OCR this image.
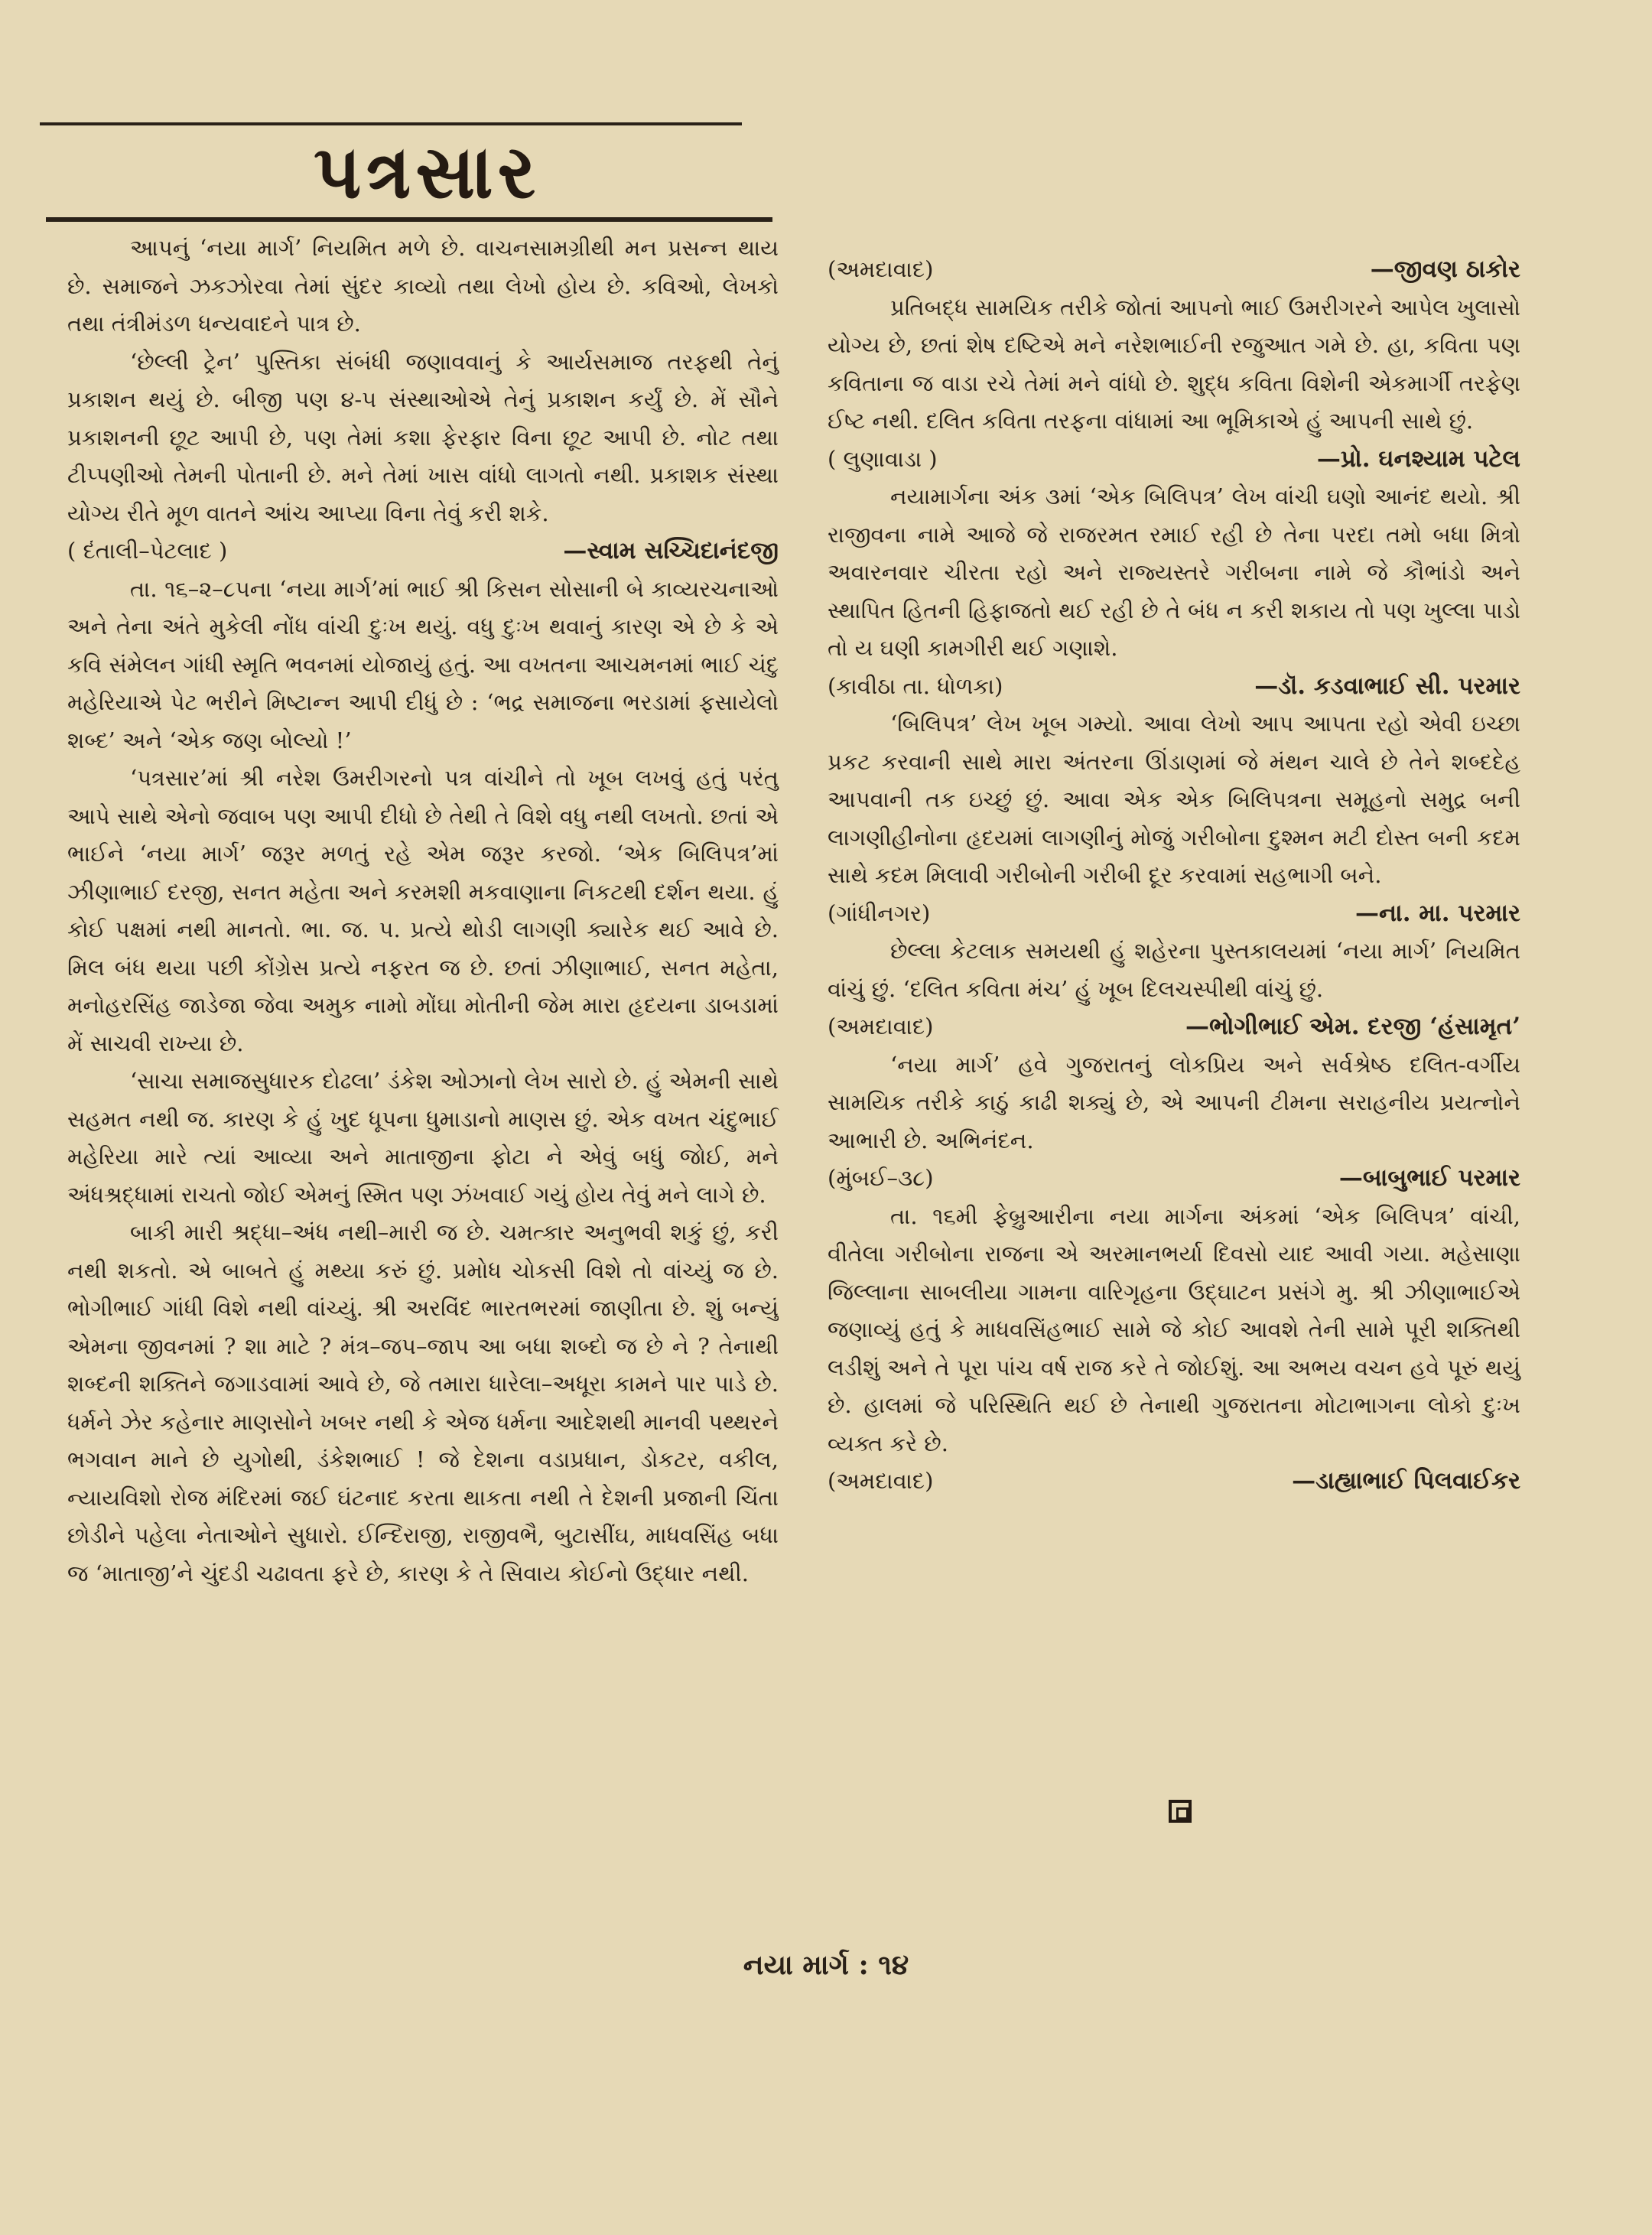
પત્રસાર

આપનું ‘નયા માર્ગ’ નિયમિત મળે છે. વાચનસામગ્રીથી મન પ્રસન્ન થાય છે. સમાજને ઝકઝોરવા તેમાં સુંદર કાવ્યો તથા લેખો હોય છે. કવિઓ, લેખકો તથા તંત્રીમંડળ ધન્યવાદને પાત્ર છે.

‘છેલ્લી ટ્રેન’ પુસ્તિકા સંબંધી જણાવવાનું કે આર્યસમાજ તરફથી તેનું પ્રકાશન થયું છે. બીજી પણ ૪-૫ સંસ્થાઓએ તેનું પ્રકાશન કર્યું છે. મેં સૌને પ્રકાશનની છૂટ આપી છે, પણ તેમાં કશા ફેરફાર વિના છૂટ આપી છે. નોટ તથા ટીપ્પણીઓ તેમની પોતાની છે. મને તેમાં ખાસ વાંધો લાગતો નથી. પ્રકાશક સંસ્થા યોગ્ય રીતે મૂળ વાતને આંચ આપ્યા વિના તેવું કરી શકે.

( દંતાલી–પેટલાદ )	—સ્વામ સચ્ચિદાનંદજી

તા. ૧૬–૨–૮૫ના ‘નયા માર્ગ’માં ભાઈ શ્રી કિસન સોસાની બે કાવ્યરચનાઓ અને તેના અંતે મુકેલી નોંધ વાંચી દુઃખ થયું. વધુ દુઃખ થવાનું કારણ એ છે કે એ કવિ સંમેલન ગાંધી સ્મૃતિ ભવનમાં યોજાયું હતું. આ વખતના આચમનમાં ભાઈ ચંદુ મહેરિયાએ પેટ ભરીને મિષ્ટાન્ન આપી દીધું છે : ‘ભદ્ર સમાજના ભરડામાં ફસાયેલો શબ્દ’ અને ‘એક જણ બોલ્યો !’

‘પત્રસાર’માં શ્રી નરેશ ઉમરીગરનો પત્ર વાંચીને તો ખૂબ લખવું હતું પરંતુ આપે સાથે એનો જવાબ પણ આપી દીધો છે તેથી તે વિશે વધુ નથી લખતો. છતાં એ ભાઈને ‘નયા માર્ગ’ જરૂર મળતું રહે એમ જરૂર કરજો. ‘એક બિલિપત્ર’માં ઝીણાભાઈ દરજી, સનત મહેતા અને કરમશી મકવાણાના નિકટથી દર્શન થયા. હું કોઈ પક્ષમાં નથી માનતો. ભા. જ. પ. પ્રત્યે થોડી લાગણી ક્યારેક થઈ આવે છે. મિલ બંધ થયા પછી કોંગ્રેસ પ્રત્યે નફરત જ છે. છતાં ઝીણાભાઈ, સનત મહેતા, મનોહરસિંહ જાડેજા જેવા અમુક નામો મોંઘા મોતીની જેમ મારા હૃદયના ડાબડામાં મેં સાચવી રાખ્યા છે.

‘સાચા સમાજસુધારક દોઢલા’ ડંકેશ ઓઝાનો લેખ સારો છે. હું એમની સાથે સહમત નથી જ. કારણ કે હું ખુદ ધૂપના ધુમાડાનો માણસ છું. એક વખત ચંદુભાઈ મહેરિયા મારે ત્યાં આવ્યા અને માતાજીના ફોટા ને એવું બધું જોઈ, મને અંધશ્રદ્ધામાં રાચતો જોઈ એમનું સ્મિત પણ ઝંખવાઈ ગયું હોય તેવું મને લાગે છે.

બાકી મારી શ્રદ્ધા–અંધ નથી–મારી જ છે. ચમત્કાર અનુભવી શકું છું, કરી નથી શકતો. એ બાબતે હું મથ્યા કરું છું. પ્રમોધ ચોકસી વિશે તો વાંચ્યું જ છે. ભોગીભાઈ ગાંધી વિશે નથી વાંચ્યું. શ્રી અરવિંદ ભારતભરમાં જાણીતા છે. શું બન્યું એમના જીવનમાં ? શા માટે ? મંત્ર–જપ–જાપ આ બધા શબ્દો જ છે ને ? તેનાથી શબ્દની શક્તિને જગાડવામાં આવે છે, જે તમારા ધારેલા–અધૂરા કામને પાર પાડે છે. ધર્મને ઝેર કહેનાર માણસોને ખબર નથી કે એજ ધર્મના આદેશથી માનવી પથ્થરને ભગવાન માને છે યુગોથી, ડંકેશભાઈ ! જે દેશના વડાપ્રધાન, ડોકટર, વકીલ, ન્યાયવિશો રોજ મંદિરમાં જઈ ઘંટનાદ કરતા થાકતા નથી તે દેશની પ્રજાની ચિંતા છોડીને પહેલા નેતાઓને સુધારો. ઈન્દિરાજી, રાજીવભૈ, બુટાસીંઘ, માધવસિંહ બધા જ ‘માતાજી’ને ચુંદડી ચઢાવતા ફરે છે, કારણ કે તે સિવાય કોઈનો ઉદ્ધાર નથી.

(અમદાવાદ)	—જીવણ ઠાકોર

પ્રતિબદ્ધ સામયિક તરીકે જોતાં આપનો ભાઈ ઉમરીગરને આપેલ ખુલાસો યોગ્ય છે, છતાં શેષ દષ્ટિએ મને નરેશભાઈની રજુઆત ગમે છે. હા, કવિતા પણ કવિતાના જ વાડા રચે તેમાં મને વાંધો છે. શુદ્ધ કવિતા વિશેની એકમાર્ગી તરફેણ ઈષ્ટ નથી. દલિત કવિતા તરફના વાંધામાં આ ભૂમિકાએ હું આપની સાથે છું.

( લુણાવાડા )	—પ્રો. ઘનશ્યામ પટેલ

નયામાર્ગના અંક ૩માં ‘એક બિલિપત્ર’ લેખ વાંચી ઘણો આનંદ થયો. શ્રી રાજીવના નામે આજે જે રાજરમત રમાઈ રહી છે તેના પરદા તમો બધા મિત્રો અવારનવાર ચીરતા રહો અને રાજ્યસ્તરે ગરીબના નામે જે કૌભાંડો અને સ્થાપિત હિતની હિફાજતો થઈ રહી છે તે બંધ ન કરી શકાય તો પણ ખુલ્લા પાડો તો ય ઘણી કામગીરી થઈ ગણાશે.

(કાવીઠા તા. ધોળકા)	—ડૉ. કડવાભાઈ સી. પરમાર

‘બિલિપત્ર’ લેખ ખૂબ ગમ્યો. આવા લેખો આપ આપતા રહો એવી ઇચ્છા પ્રકટ કરવાની સાથે મારા અંતરના ઊંડાણમાં જે મંથન ચાલે છે તેને શબ્દદેહ આપવાની તક ઇચ્છું છું. આવા એક એક બિલિપત્રના સમૂહનો સમુદ્ર બની લાગણીહીનોના હૃદયમાં લાગણીનું મોજું ગરીબોના દુશ્મન મટી દોસ્ત બની કદમ સાથે કદમ મિલાવી ગરીબોની ગરીબી દૂર કરવામાં સહભાગી બને.

(ગાંધીનગર)	—ના. મા. પરમાર

છેલ્લા કેટલાક સમયથી હું શહેરના પુસ્તકાલયમાં ‘નયા માર્ગ’ નિયમિત વાંચું છું. ‘દલિત કવિતા મંચ’ હું ખૂબ દિલચસ્પીથી વાંચું છું.

(અમદાવાદ)	—ભોગીભાઈ એમ. દરજી ‘હંસામૃત’

‘નયા માર્ગ’ હવે ગુજરાતનું લોકપ્રિય અને સર્વશ્રેષ્ઠ દલિત-વર્ગીય સામયિક તરીકે કાઠું કાઢી શક્યું છે, એ આપની ટીમના સરાહનીય પ્રયત્નોને આભારી છે. અભિનંદન.

(મુંબઈ–૩૮)	—બાબુભાઈ પરમાર

તા. ૧૬મી ફેબ્રુઆરીના નયા માર્ગના અંકમાં ‘એક બિલિપત્ર’ વાંચી, વીતેલા ગરીબોના રાજના એ અરમાનભર્યા દિવસો યાદ આવી ગયા. મહેસાણા જિલ્લાના સાબલીયા ગામના વારિગૃહના ઉદ્ઘાટન પ્રસંગે મુ. શ્રી ઝીણાભાઈએ જણાવ્યું હતું કે માધવસિંહભાઈ સામે જે કોઈ આવશે તેની સામે પૂરી શક્તિથી લડીશું અને તે પૂરા પાંચ વર્ષ રાજ કરે તે જોઈશું. આ અભય વચન હવે પૂરું થયું છે. હાલમાં જે પરિસ્થિતિ થઈ છે તેનાથી ગુજરાતના મોટાભાગના લોકો દુઃખ વ્યક્ત કરે છે.

(અમદાવાદ)	—ડાહ્યાભાઈ પિલવાઈકર
નયા માર્ગ : ૧૪
